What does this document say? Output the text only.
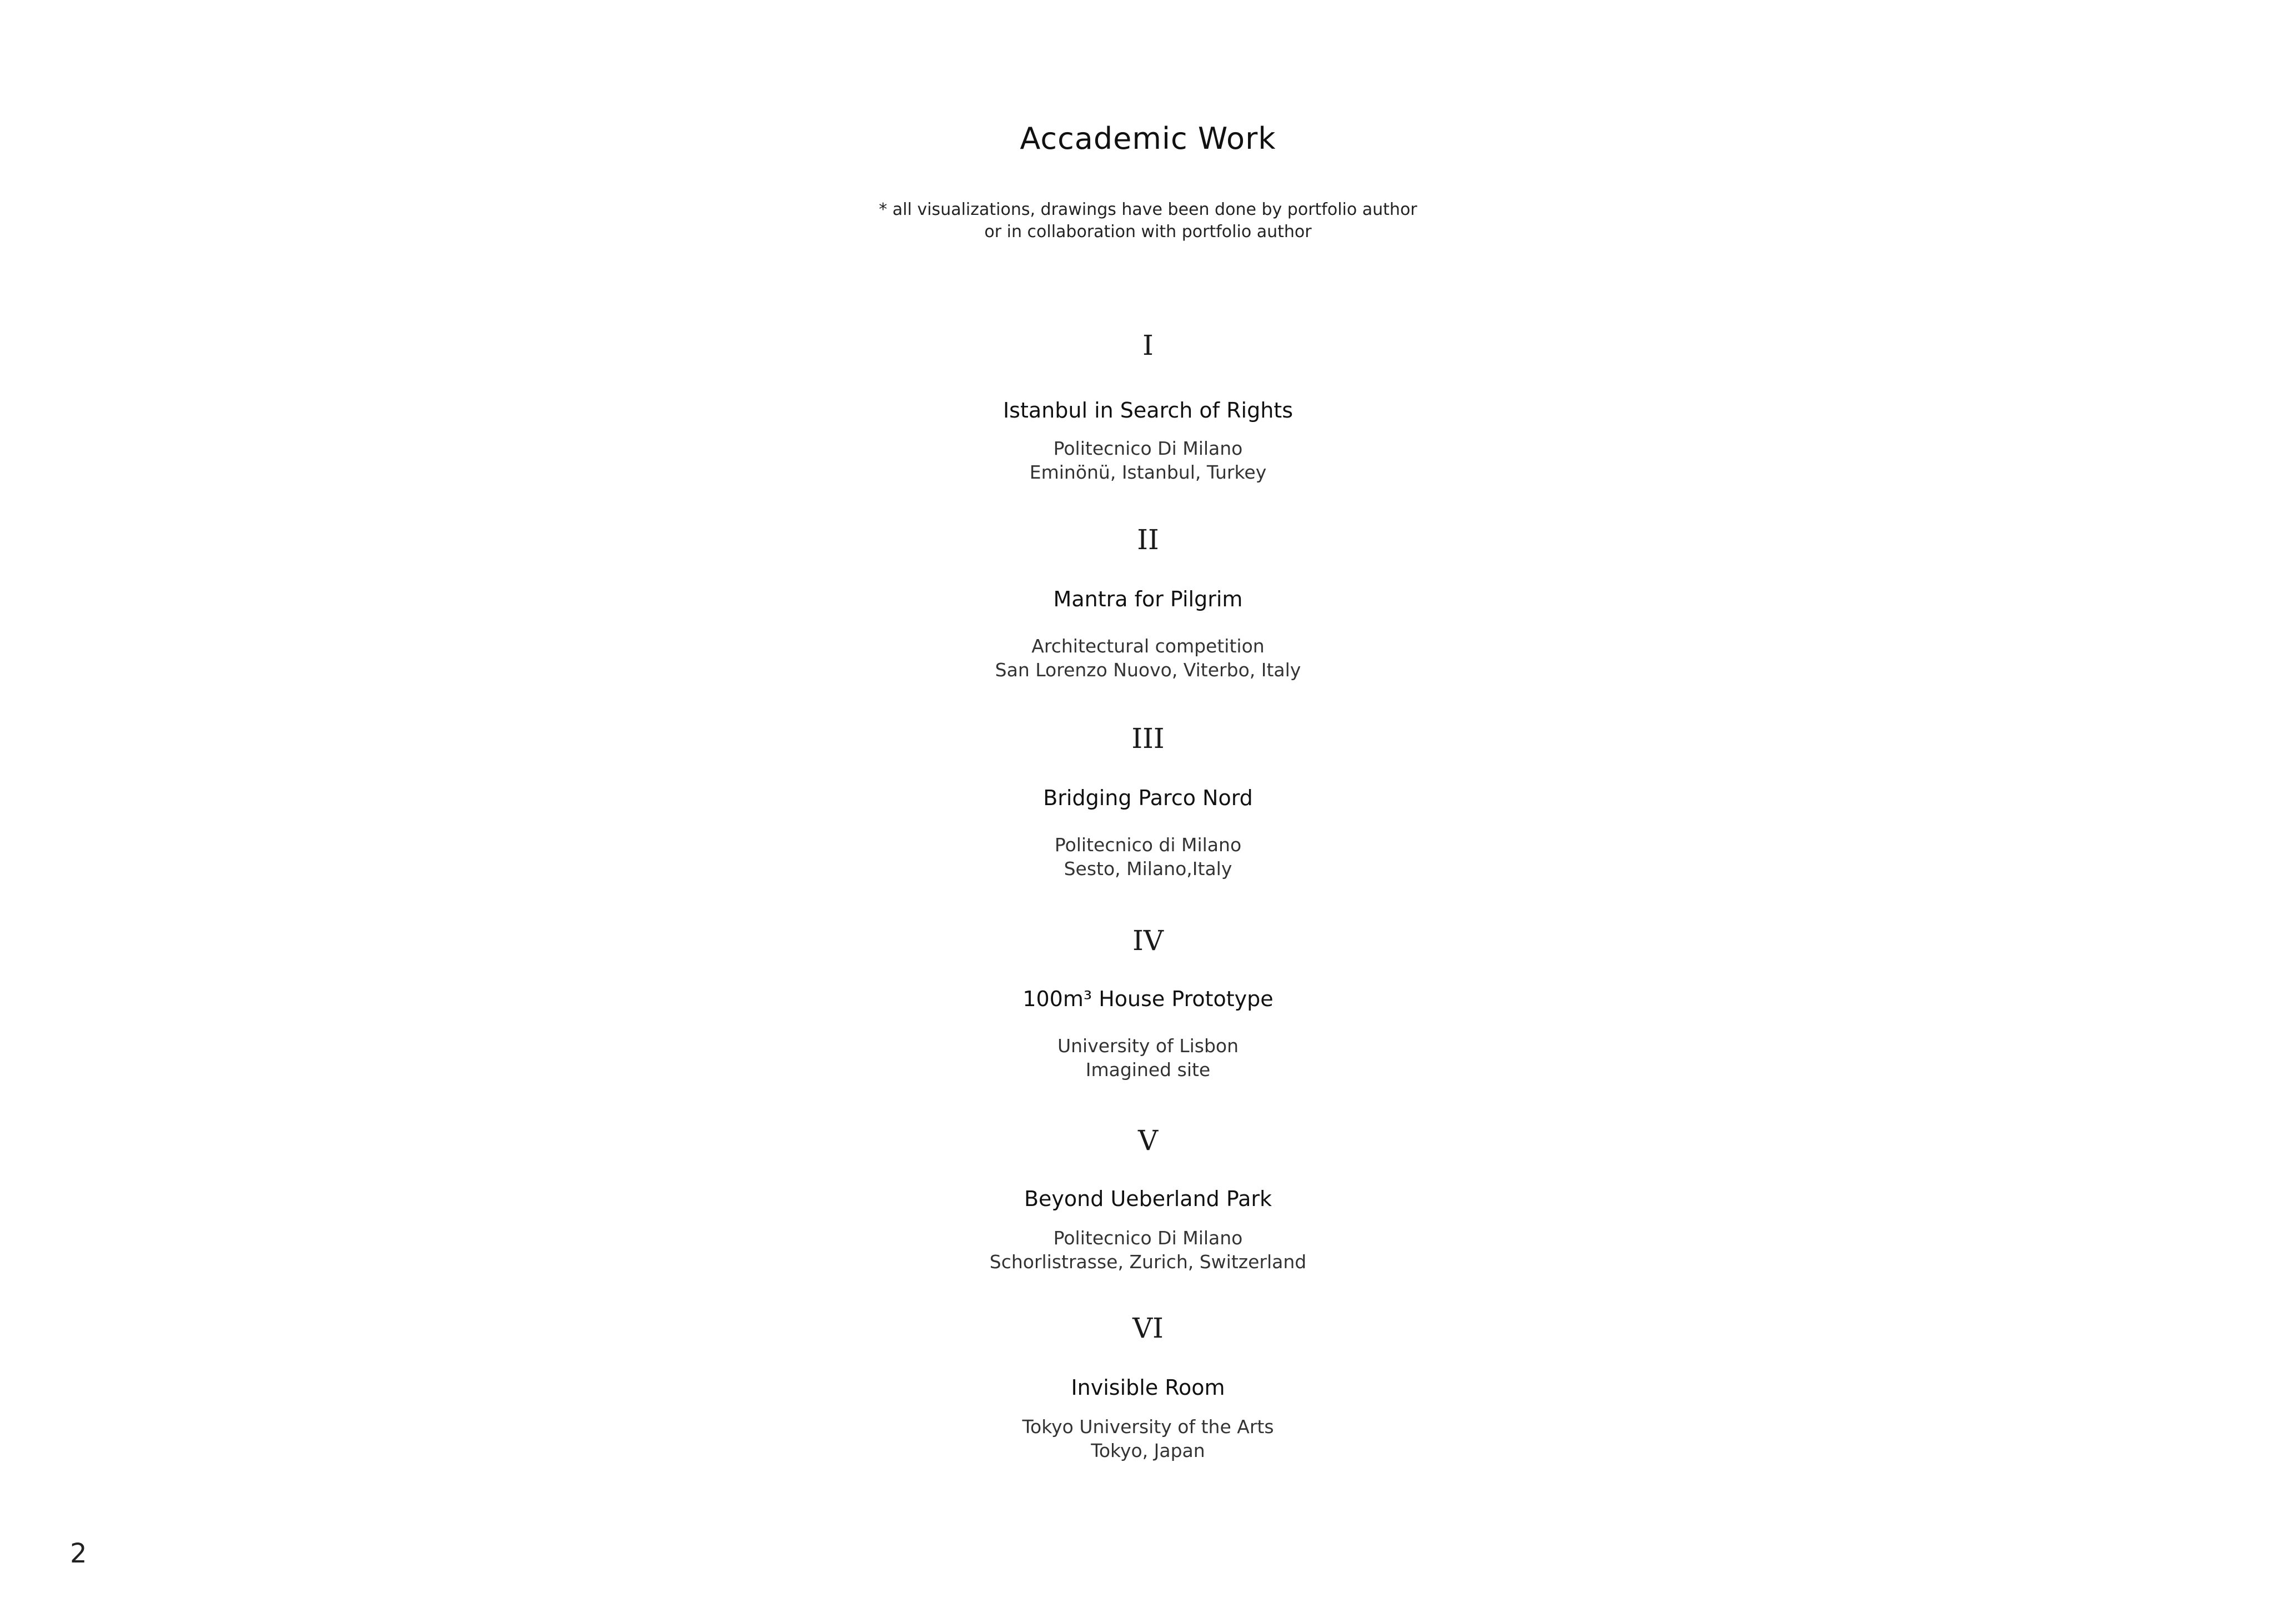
Accademic Work
* all visualizations, drawings have been done by portfolio author
or in collaboration with portfolio author
I
Istanbul in Search of Rights
Politecnico Di Milano
Eminönü, Istanbul, Turkey
II
Mantra for Pilgrim
Architectural competition
San Lorenzo Nuovo, Viterbo, Italy
III
Bridging Parco Nord
Politecnico di Milano
Sesto, Milano,Italy
IV
100m³ House Prototype
University of Lisbon
Imagined site
V
Beyond Ueberland Park
Politecnico Di Milano
Schorlistrasse, Zurich, Switzerland
VI
Invisible Room
Tokyo University of the Arts
Tokyo, Japan
2
